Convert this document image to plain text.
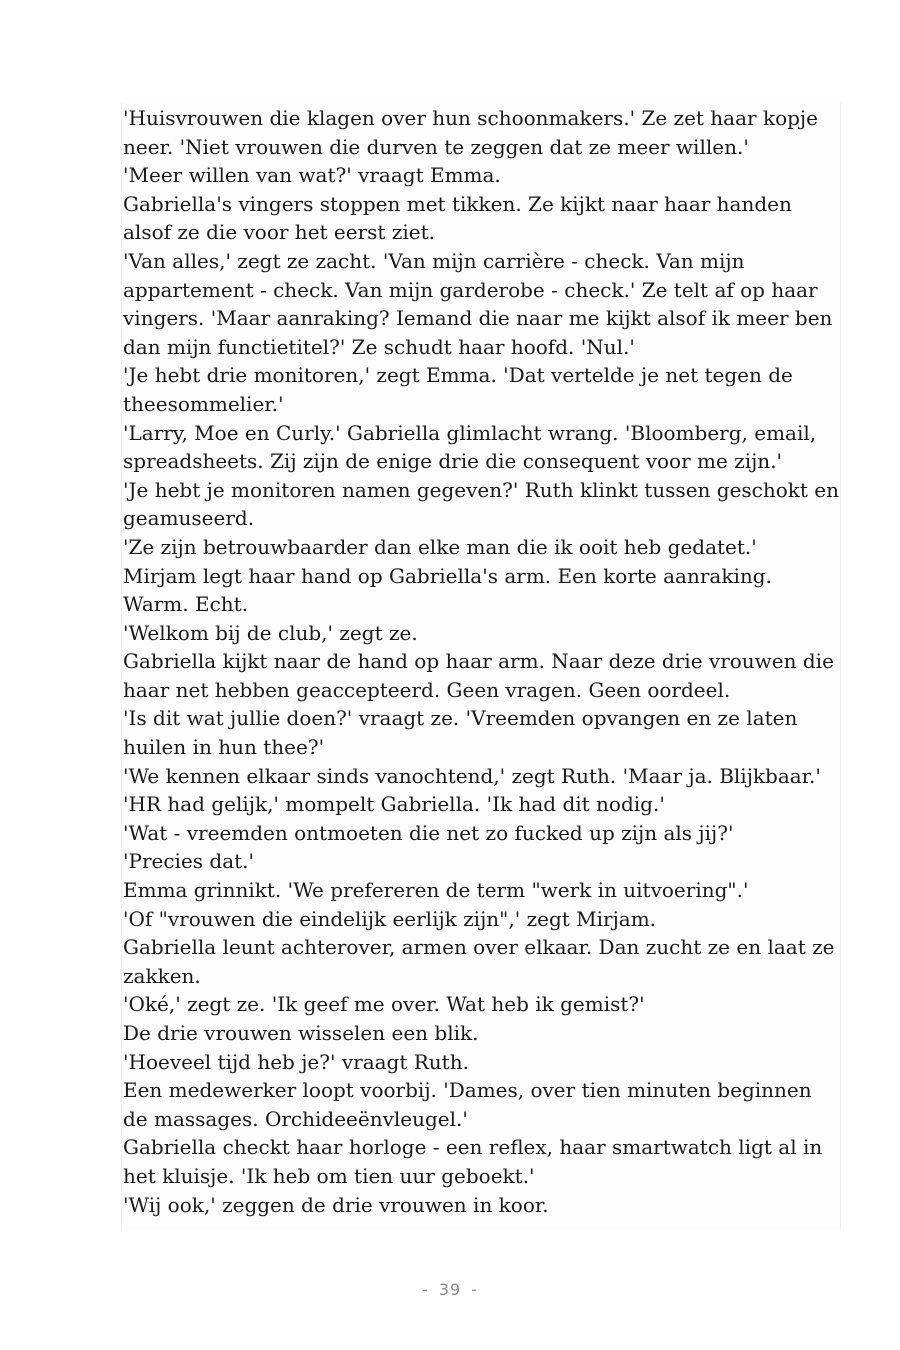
'Huisvrouwen die klagen over hun schoonmakers.' Ze zet haar kopje neer. 'Niet vrouwen die durven te zeggen dat ze meer willen.'

'Meer willen van wat?' vraagt Emma.

Gabriella's vingers stoppen met tikken. Ze kijkt naar haar handen alsof ze die voor het eerst ziet.

'Van alles,' zegt ze zacht. 'Van mijn carrière - check. Van mijn appartement - check. Van mijn garderobe - check.' Ze telt af op haar vingers. 'Maar aanraking? Iemand die naar me kijkt alsof ik meer ben dan mijn functietitel?' Ze schudt haar hoofd. 'Nul.'

'Je hebt drie monitoren,' zegt Emma. 'Dat vertelde je net tegen de theesommelier.'

'Larry, Moe en Curly.' Gabriella glimlacht wrang. 'Bloomberg, email, spreadsheets. Zij zijn de enige drie die consequent voor me zijn.'

'Je hebt je monitoren namen gegeven?' Ruth klinkt tussen geschokt en geamuseerd.

'Ze zijn betrouwbaarder dan elke man die ik ooit heb gedatet.'

Mirjam legt haar hand op Gabriella's arm. Een korte aanraking. Warm. Echt.

'Welkom bij de club,' zegt ze.

Gabriella kijkt naar de hand op haar arm. Naar deze drie vrouwen die haar net hebben geaccepteerd. Geen vragen. Geen oordeel.

'Is dit wat jullie doen?' vraagt ze. 'Vreemden opvangen en ze laten huilen in hun thee?'

'We kennen elkaar sinds vanochtend,' zegt Ruth. 'Maar ja. Blijkbaar.'

'HR had gelijk,' mompelt Gabriella. 'Ik had dit nodig.'

'Wat - vreemden ontmoeten die net zo fucked up zijn als jij?'

'Precies dat.'

Emma grinnikt. 'We prefereren de term "werk in uitvoering".'

'Of "vrouwen die eindelijk eerlijk zijn",' zegt Mirjam.

Gabriella leunt achterover, armen over elkaar. Dan zucht ze en laat ze zakken.

'Oké,' zegt ze. 'Ik geef me over. Wat heb ik gemist?'

De drie vrouwen wisselen een blik.

'Hoeveel tijd heb je?' vraagt Ruth.

Een medewerker loopt voorbij. 'Dames, over tien minuten beginnen de massages. Orchideeënvleugel.'

Gabriella checkt haar horloge - een reflex, haar smartwatch ligt al in het kluisje. 'Ik heb om tien uur geboekt.'

'Wij ook,' zeggen de drie vrouwen in koor.

- 39 -
